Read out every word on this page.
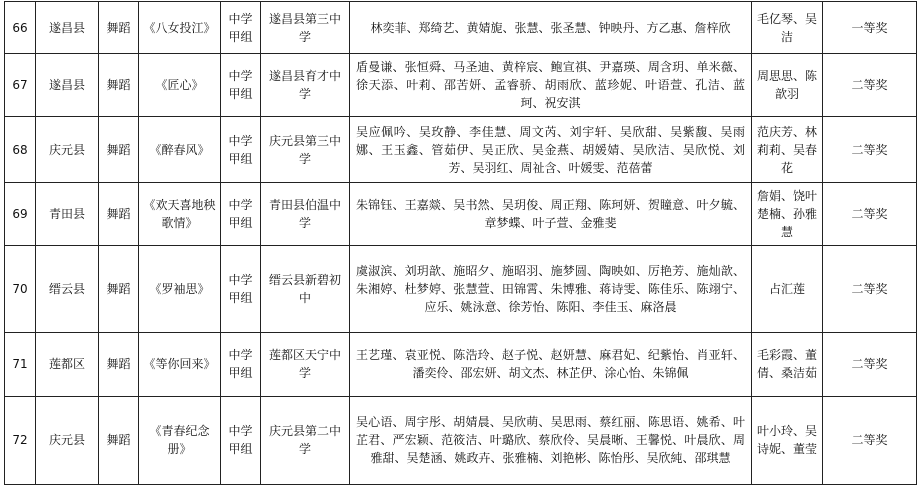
66	遂昌县	舞蹈	《八女投江》	中学甲组	遂昌县第三中学	林奕菲、郑绮艺、黄婧旎、张慧、张圣慧、钟映丹、方乙惠、詹梓欣	毛亿琴、吴洁	一等奖
67	遂昌县	舞蹈	《匠心》	中学甲组	遂昌县育才中学	盾曼谦、张恒舜、马圣迪、黄梓宸、鲍宣祺、尹嘉瑛、周含玥、单米薇、徐天添、叶莉、邵苦妍、孟睿骄、胡雨欣、蓝珍妮、叶语萱、孔洁、蓝珂、祝安淇	周思思、陈歆羽	二等奖
68	庆元县	舞蹈	《醉春风》	中学甲组	庆元县第三中学	吴应佩吟、吴玫静、李佳慧、周文芮、刘宇轩、吴欣甜、吴紫馥、吴雨娜、王玉鑫、管茹伊、吴正欣、吴金燕、胡媛婧、吴欣洁、吴欣悦、刘芳、吴羽红、周祉含、叶媛雯、范蓓蕾	范庆芳、林莉莉、吴春花	二等奖
69	青田县	舞蹈	《欢天喜地秧歌情》	中学甲组	青田县伯温中学	朱锦钰、王嘉燚、吴书然、吴玥俊、周正翔、陈珂妍、贺瞳意、叶夕毓、章梦蝶、叶子萱、金雅斐	詹娟、饶叶楚楠、孙雅慧	二等奖
70	缙云县	舞蹈	《罗袖思》	中学甲组	缙云县新碧初中	虞淑滨、刘玥歆、施昭夕、施昭羽、施梦圆、陶映如、厉艳芳、施灿歆、朱湘婷、杜梦婷、张慧萱、田锦霄、朱博雅、蒋诗雯、陈佳乐、陈翊宁、应乐、姚泳意、徐芳怡、陈阳、李佳玉、麻洛晨	占汇莲	二等奖
71	莲都区	舞蹈	《等你回来》	中学甲组	莲都区天宁中学	王艺瑾、袁亚悦、陈浩玲、赵子悦、赵妍慧、麻君妃、纪紫怡、肖亚轩、潘奕伶、邵宏妍、胡文杰、林芷伊、涂心怡、朱锦佩	毛彩霞、董倩、桑洁茹	二等奖
72	庆元县	舞蹈	《青春纪念册》	中学甲组	庆元县第二中学	吴心语、周宇彤、胡婧晨、吴欣萌、吴思雨、蔡红丽、陈思语、姚希、叶芷君、严宏颖、范筱洁、叶璐欣、蔡欣伶、吴晨晰、王馨悦、叶晨欣、周雅甜、吴楚涵、姚政卉、张雅楠、刘艳彬、陈怡彤、吴欣純、邵琪慧	叶小玲、吴诗妮、董莹	二等奖
